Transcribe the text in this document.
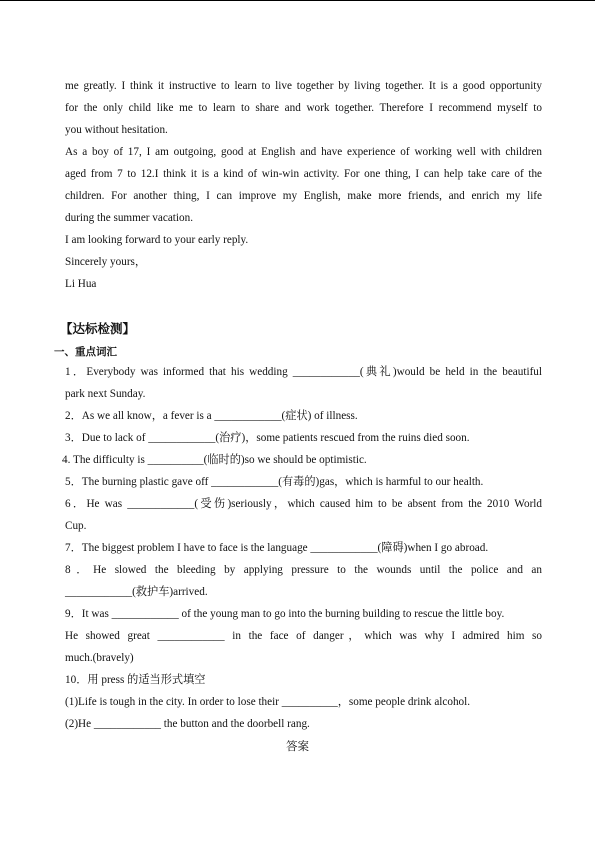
me greatly. I think it instructive to learn to live together by living together. It is a good opportunity
for the only child like me to learn to share and work together. Therefore I recommend myself to
you without hesitation.
As a boy of 17, I am outgoing, good at English and have experience of working well with children
aged from 7 to 12.I think it is a kind of win-win activity. For one thing, I can help take care of the
children. For another thing, I can improve my English, make more friends, and enrich my life
during the summer vacation.
I am looking forward to your early reply.
Sincerely yours，
Li Hua
【达标检测】
一、重点词汇
1．Everybody was informed that his wedding ____________(典礼)would be held in the beautiful
park next Sunday.
2．As we all know，a fever is a ____________(症状) of illness.
3．Due to lack of ____________(治疗)，some patients rescued from the ruins died soon.
4. The difficulty is __________(临时的)so we should be optimistic.
5．The burning plastic gave off ____________(有毒的)gas，which is harmful to our health.
6．He was ____________(受伤)seriously，which caused him to be absent from the 2010 World
Cup.
7．The biggest problem I have to face is the language ____________(障碍)when I go abroad.
8．He slowed the bleeding by applying pressure to the wounds until the police and an
____________(救护车)arrived.
9．It was ____________ of the young man to go into the burning building to rescue the little boy.
He showed great ____________ in the face of danger，which was why I admired him so
much.(bravely)
10．用 press 的适当形式填空
(1)Life is tough in the city. In order to lose their __________，some people drink alcohol.
(2)He ____________ the button and the doorbell rang.
答案
